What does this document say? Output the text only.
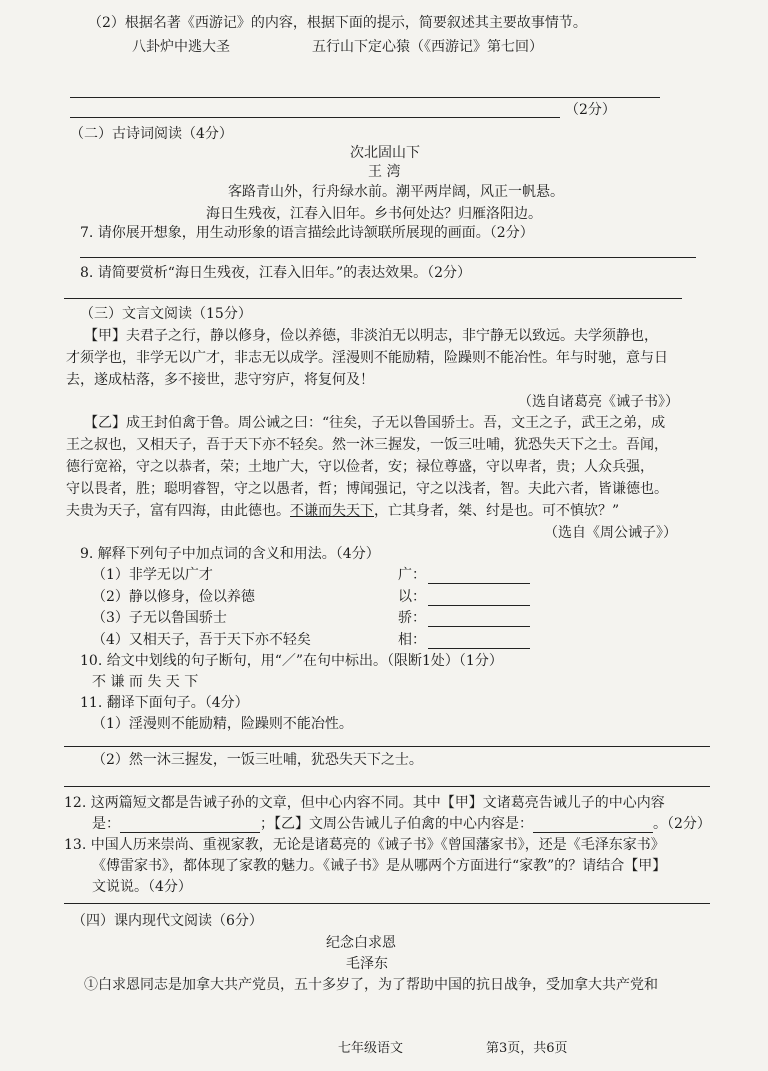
（2）根据名著《西游记》的内容，根据下面的提示，简要叙述其主要故事情节。
八卦炉中逃大圣	五行山下定心猿（《西游记》第七回）
（2分）
（二）古诗词阅读（4分）
次北固山下
王 湾
客路青山外，行舟绿水前。潮平两岸阔，风正一帆悬。
海日生残夜，江春入旧年。乡书何处达？归雁洛阳边。
7. 请你展开想象，用生动形象的语言描绘此诗颔联所展现的画面。（2分）
8. 请简要赏析“海日生残夜，江春入旧年。”的表达效果。（2分）
（三）文言文阅读（15分）
【甲】夫君子之行，静以修身，俭以养德，非淡泊无以明志，非宁静无以致远。夫学须静也，
才须学也，非学无以广才，非志无以成学。淫漫则不能励精，险躁则不能冶性。年与时驰，意与日
去，遂成枯落，多不接世，悲守穷庐，将复何及！
（选自诸葛亮《诫子书》）
【乙】成王封伯禽于鲁。周公诫之曰：“往矣，子无以鲁国骄士。吾，文王之子，武王之弟，成
王之叔也，又相天子，吾于天下亦不轻矣。然一沐三握发，一饭三吐哺，犹恐失天下之士。吾闻，
德行宽裕，守之以恭者，荣；土地广大，守以俭者，安；禄位尊盛，守以卑者，贵；人众兵强，
守以畏者，胜；聪明睿智，守之以愚者，哲；博闻强记，守之以浅者，智。夫此六者，皆谦德也。
夫贵为天子，富有四海，由此德也。不谦而失天下，亡其身者，桀、纣是也。可不慎欤？”
（选自《周公诫子》）
9. 解释下列句子中加点词的含义和用法。（4分）
（1）非学无以广才	广：
（2）静以修身，俭以养德	以：
（3）子无以鲁国骄士	骄：
（4）又相天子，吾于天下亦不轻矣	相：
10. 给文中划线的句子断句，用“／”在句中标出。（限断1处）（1分）
不 谦 而 失 天 下
11. 翻译下面句子。（4分）
（1）淫漫则不能励精，险躁则不能冶性。
（2）然一沐三握发，一饭三吐哺，犹恐失天下之士。
12. 这两篇短文都是告诫子孙的文章，但中心内容不同。其中【甲】文诸葛亮告诫儿子的中心内容
是：	；【乙】文周公告诫儿子伯禽的中心内容是：	。（2分）
13. 中国人历来崇尚、重视家教，无论是诸葛亮的《诫子书》《曾国藩家书》，还是《毛泽东家书》
《傅雷家书》，都体现了家教的魅力。《诫子书》是从哪两个方面进行“家教”的？请结合【甲】
文说说。（4分）
（四）课内现代文阅读（6分）
纪念白求恩
毛泽东
①白求恩同志是加拿大共产党员，五十多岁了，为了帮助中国的抗日战争，受加拿大共产党和
七年级语文	第3页，共6页
